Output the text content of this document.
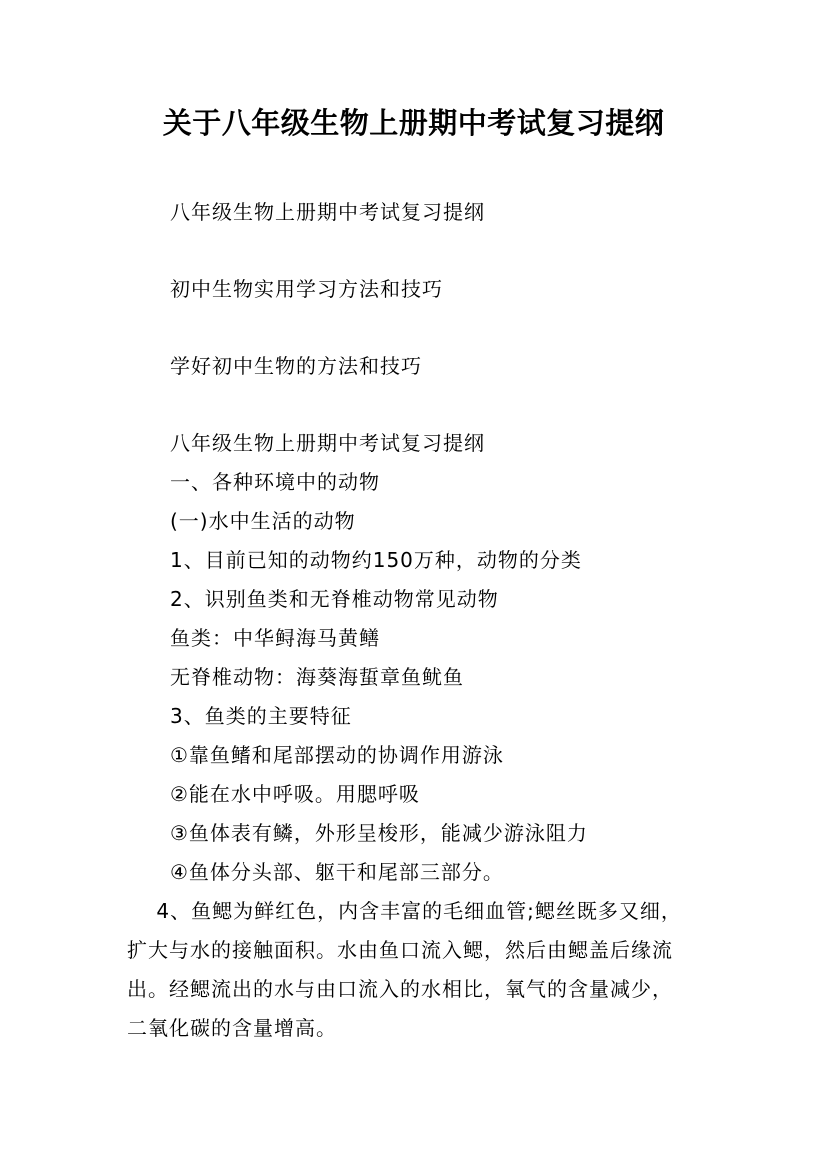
关于八年级生物上册期中考试复习提纲
八年级生物上册期中考试复习提纲
初中生物实用学习方法和技巧
学好初中生物的方法和技巧
八年级生物上册期中考试复习提纲
一、各种环境中的动物
(一)水中生活的动物
1、目前已知的动物约150万种，动物的分类
2、识别鱼类和无脊椎动物常见动物
鱼类：中华鲟海马黄鳝
无脊椎动物：海葵海蜇章鱼鱿鱼
3、鱼类的主要特征
①靠鱼鳍和尾部摆动的协调作用游泳
②能在水中呼吸。用腮呼吸
③鱼体表有鳞，外形呈梭形，能减少游泳阻力
④鱼体分头部、躯干和尾部三部分。
4、鱼鳃为鲜红色，内含丰富的毛细血管;鳃丝既多又细，
扩大与水的接触面积。水由鱼口流入鳃，然后由鳃盖后缘流
出。经鳃流出的水与由口流入的水相比，氧气的含量减少，
二氧化碳的含量增高。
